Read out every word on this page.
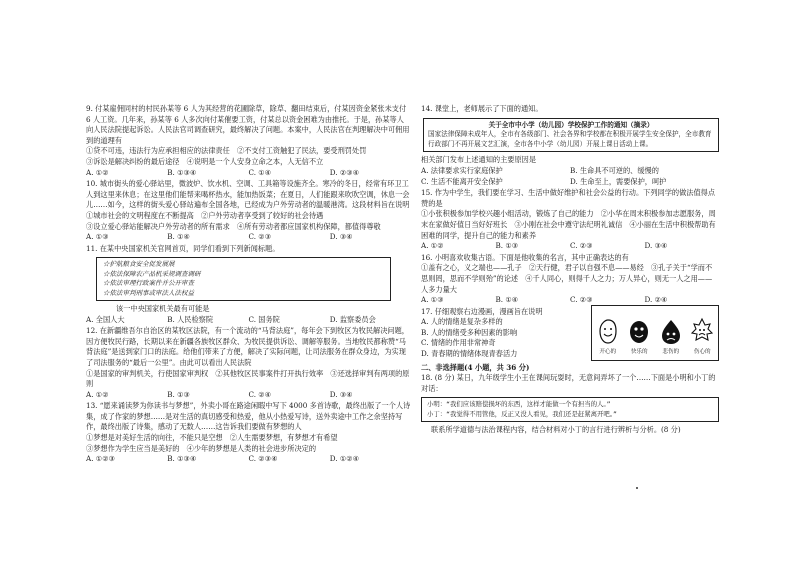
9. 付某雇佣同村的村民孙某等 6 人为其经营的花圃除草，除草、翻田结束后，付某因资金紧张未支付 6 人工资。几年来，孙某等 6 人多次向付某催要工资，付某总以资金困难为由推托。于是，孙某等人向人民法院提起诉讼。人民法官司调查研究，最终解决了问题。本案中，人民法官在判理解决中可佣用到的道理有

①贷不可违，违法行为应承担相应的法律责任　②不支付工资触犯了民法，要受刑罚处罚

③诉讼是解决纠纷的最后途径　④说明是一个人安身立命之本，人无信不立

A. ①②	B. ①③④	C. ①④	D. ②③④

10. 城市街头的爱心驿站里，微波炉、饮水机、空调、工具箱等设施齐全。寒冷的冬日，经常有环卫工人到这里来休息；在这里他们能帮来喝杯热水，能加热饭菜；在夏日，人们能跟来吹吹空调，休息一会儿……如今，这样的街头爱心驿站遍布全国各地，已经成为户外劳动者的温暖港湾。这段材料旨在说明

①城市社会的文明程度在不断提高　②户外劳动者享受到了较好的社会待遇

③设立爱心驿站能解决户外劳动者的所有需求　④所有劳动者都应国家机构保障，都值得尊敬

A. ①③	B. ①④	C. ②③	D. ③④

11. 在某中央国家机关官网首页，同学们看到下列新闻标题。

☆护航粮食安全促发展展
☆依法保障农产品机采规调查调研
☆依法审理行政案件并公开审查
☆依法审判刑事或审法人法权益

该一中央国家机关最有可能是

A. 全国人大	B. 人民检察院	C. 国务院	D. 监察委员会

12. 在新疆维吾尔自治区的某牧区法院，有一个流动的“马背法庭”，每年会下到牧区为牧民解决问题，因方便牧民行路，长期以来在新疆各族牧区群众、为牧民提供诉讼、调解等服务。当地牧民都称赞“马背法庭”是送到家门口的法庭。给他们带来了方便，解决了实际问题，让司法服务在群众身边，为实现了司法服务的“最后一公里”。由此可以看出人民法院

①是国家的审判机关，行使国家审判权　②其他牧区民事案件打开执行效率　③还选择审判有两项的原则

A. ①②	B. ①③	C. ②④	D. ③④

13. “愿来诵读梦为你读书与梦想”，外卖小哥在路途闲暇中写下 4000 多首诗歌，最终出版了一个人诗集，成了作家的梦想……是对生活的真切感受和热爱，他从小热爱写诗，送外卖途中工作之余坚持写作，最终出版了诗集，感动了无数人……这告诉我们要做有梦想的人

①梦想是对美好生活的向往，不能只是空想　②人生需要梦想，有梦想才有希望

③梦想作为学生应当是美好的　④少年的梦想是人类的社会进步所决定的

A. ①②③	B. ①③④	C. ②③④	D. ①②④

14. 课堂上，老师展示了下面的通知。

关于全市中小学（幼儿园）学校保护工作的通知（摘录）
国家法律保障未成年人，全市有各级部门、社会各界和学校都在积极开展学生安全保护，全市教育行政部门不再开展文艺汇演，全市各中小学（幼儿园）开展上课日活动上课。

相关部门发布上述通知的主要原因是

A. 法律要求实行家庭保护	B. 生命具不可逆的、缓慢的
C. 生活不能离开安全保护	D. 生命至上，需要保护，呵护

15. 作为中学生，我们要在学习、生活中做好维护和社会公益的行动。下列同学的做法值得点赞的是

①小张积极参加学校兴趣小组活动，锻炼了自己的能力　②小华在周末积极参加志愿服务，周末在家做好值日当好好班长　③小刚在社会中遵守法纪明礼诚信　④小丽在生活中积极帮助有困难的同学，提升自己的能力和素养

A. ①②	B. ①③	C. ②③	D. ③④

16. 小明喜欢收集古语。下面是他收集的名言，其中正确表达的有

①盖有之心，义之端也——孔子　②天行健，君子以自强不息——易经　③孔子关于“学而不思则罔，思而不学则殆”的论述　④千人同心，则得千人之力；万人异心，则无一人之用——人多力量大

A. ①③	B. ①④	C. ②③	D. ②④

17. 仔细观察右边漫画，漫画旨在说明

A. 人的情绪是复杂多样的

B. 人的情绪受多种因素的影响

C. 情绪的作用非常神奇

D. 青春期的情绪体现青春活力	开心的	快乐的	悲伤的	伤心的
二、非选择题(4 小题，共 36 分)

18. (8 分) 某日，九年级学生小王在课间玩耍时，无意间弄坏了一个……下面是小明和小丁的对话：

小明：“我们应该赔偿损坏的东西，这样才能做一个有担当的人。”
小丁：“我觉得不用管他，反正又没人看见，我们还是赶紧离开吧。”

联系所学道德与法治课程内容，结合材料对小丁的言行进行辨析与分析。(8 分)
